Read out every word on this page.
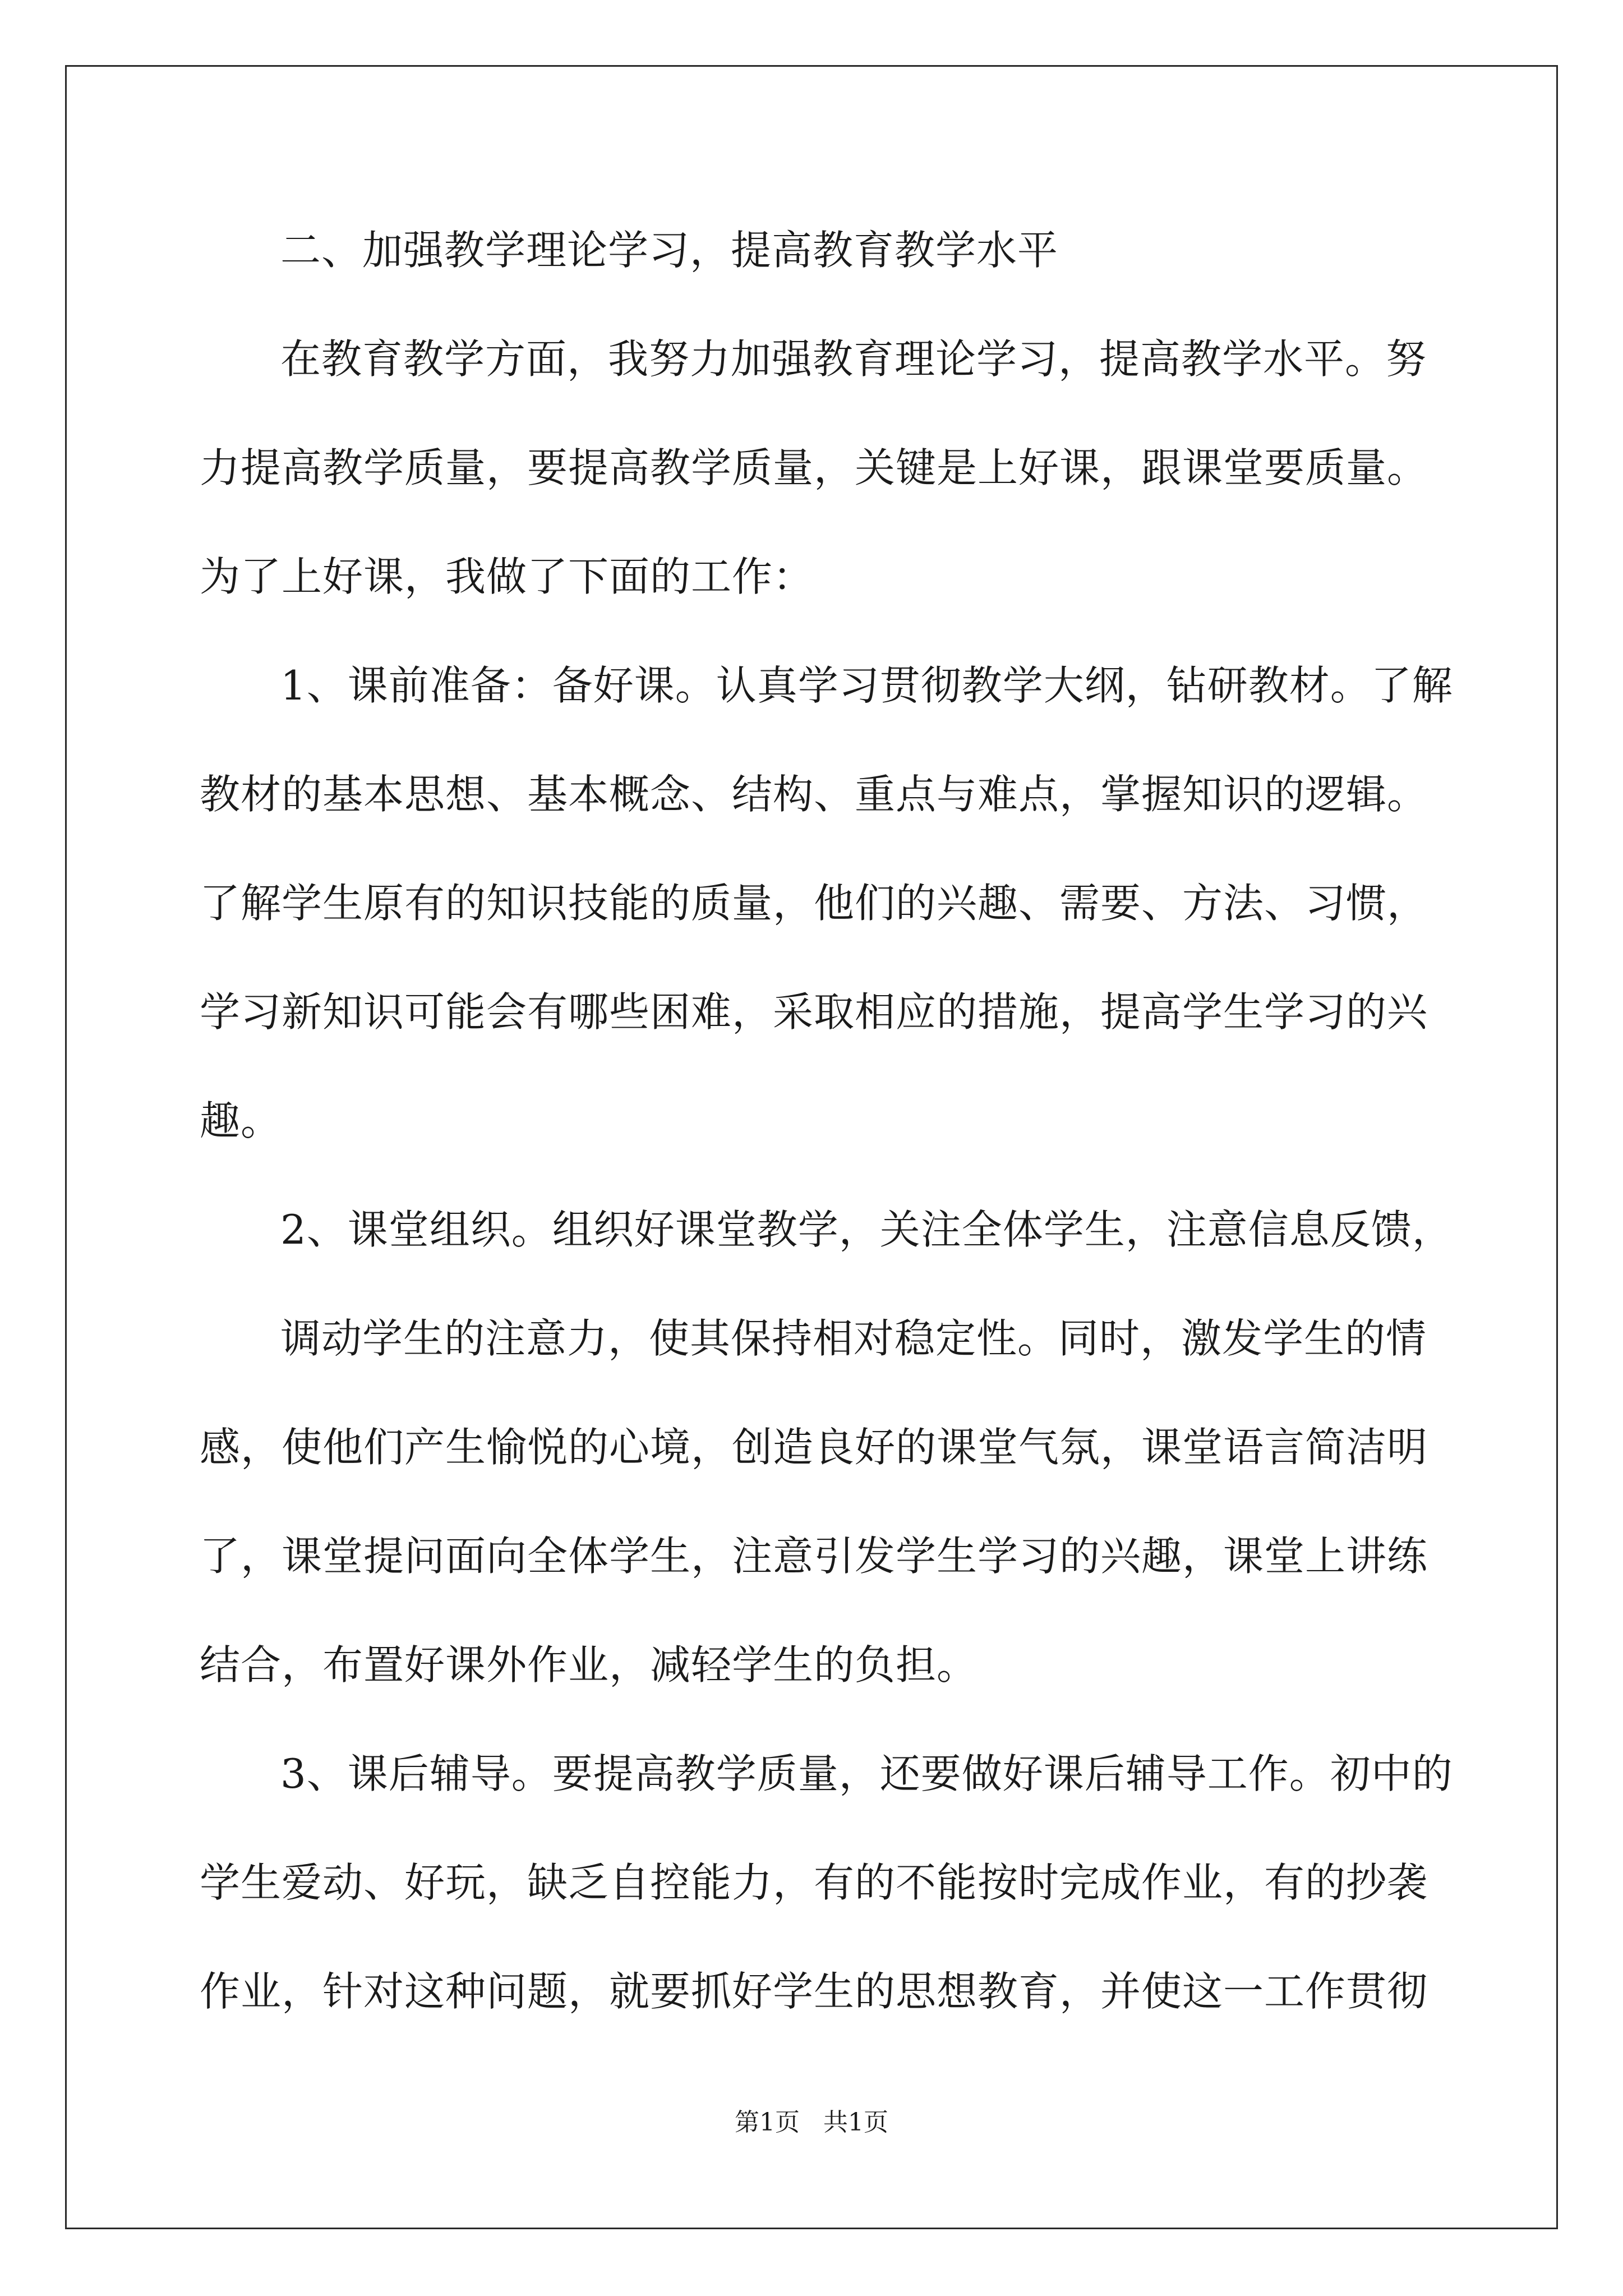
二、加强教学理论学习，提高教育教学水平
在教育教学方面，我努力加强教育理论学习，提高教学水平。努
力提高教学质量，要提高教学质量，关键是上好课，跟课堂要质量。
为了上好课，我做了下面的工作：
1、课前准备：备好课。认真学习贯彻教学大纲，钻研教材。了解
教材的基本思想、基本概念、结构、重点与难点，掌握知识的逻辑。
了解学生原有的知识技能的质量，他们的兴趣、需要、方法、习惯，
学习新知识可能会有哪些困难，采取相应的措施，提高学生学习的兴
趣。
2、课堂组织。组织好课堂教学，关注全体学生，注意信息反馈，
调动学生的注意力，使其保持相对稳定性。同时，激发学生的情
感，使他们产生愉悦的心境，创造良好的课堂气氛，课堂语言简洁明
了，课堂提问面向全体学生，注意引发学生学习的兴趣，课堂上讲练
结合，布置好课外作业，减轻学生的负担。
3、课后辅导。要提高教学质量，还要做好课后辅导工作。初中的
学生爱动、好玩，缺乏自控能力，有的不能按时完成作业，有的抄袭
作业，针对这种问题，就要抓好学生的思想教育，并使这一工作贯彻
第1页   共1页
